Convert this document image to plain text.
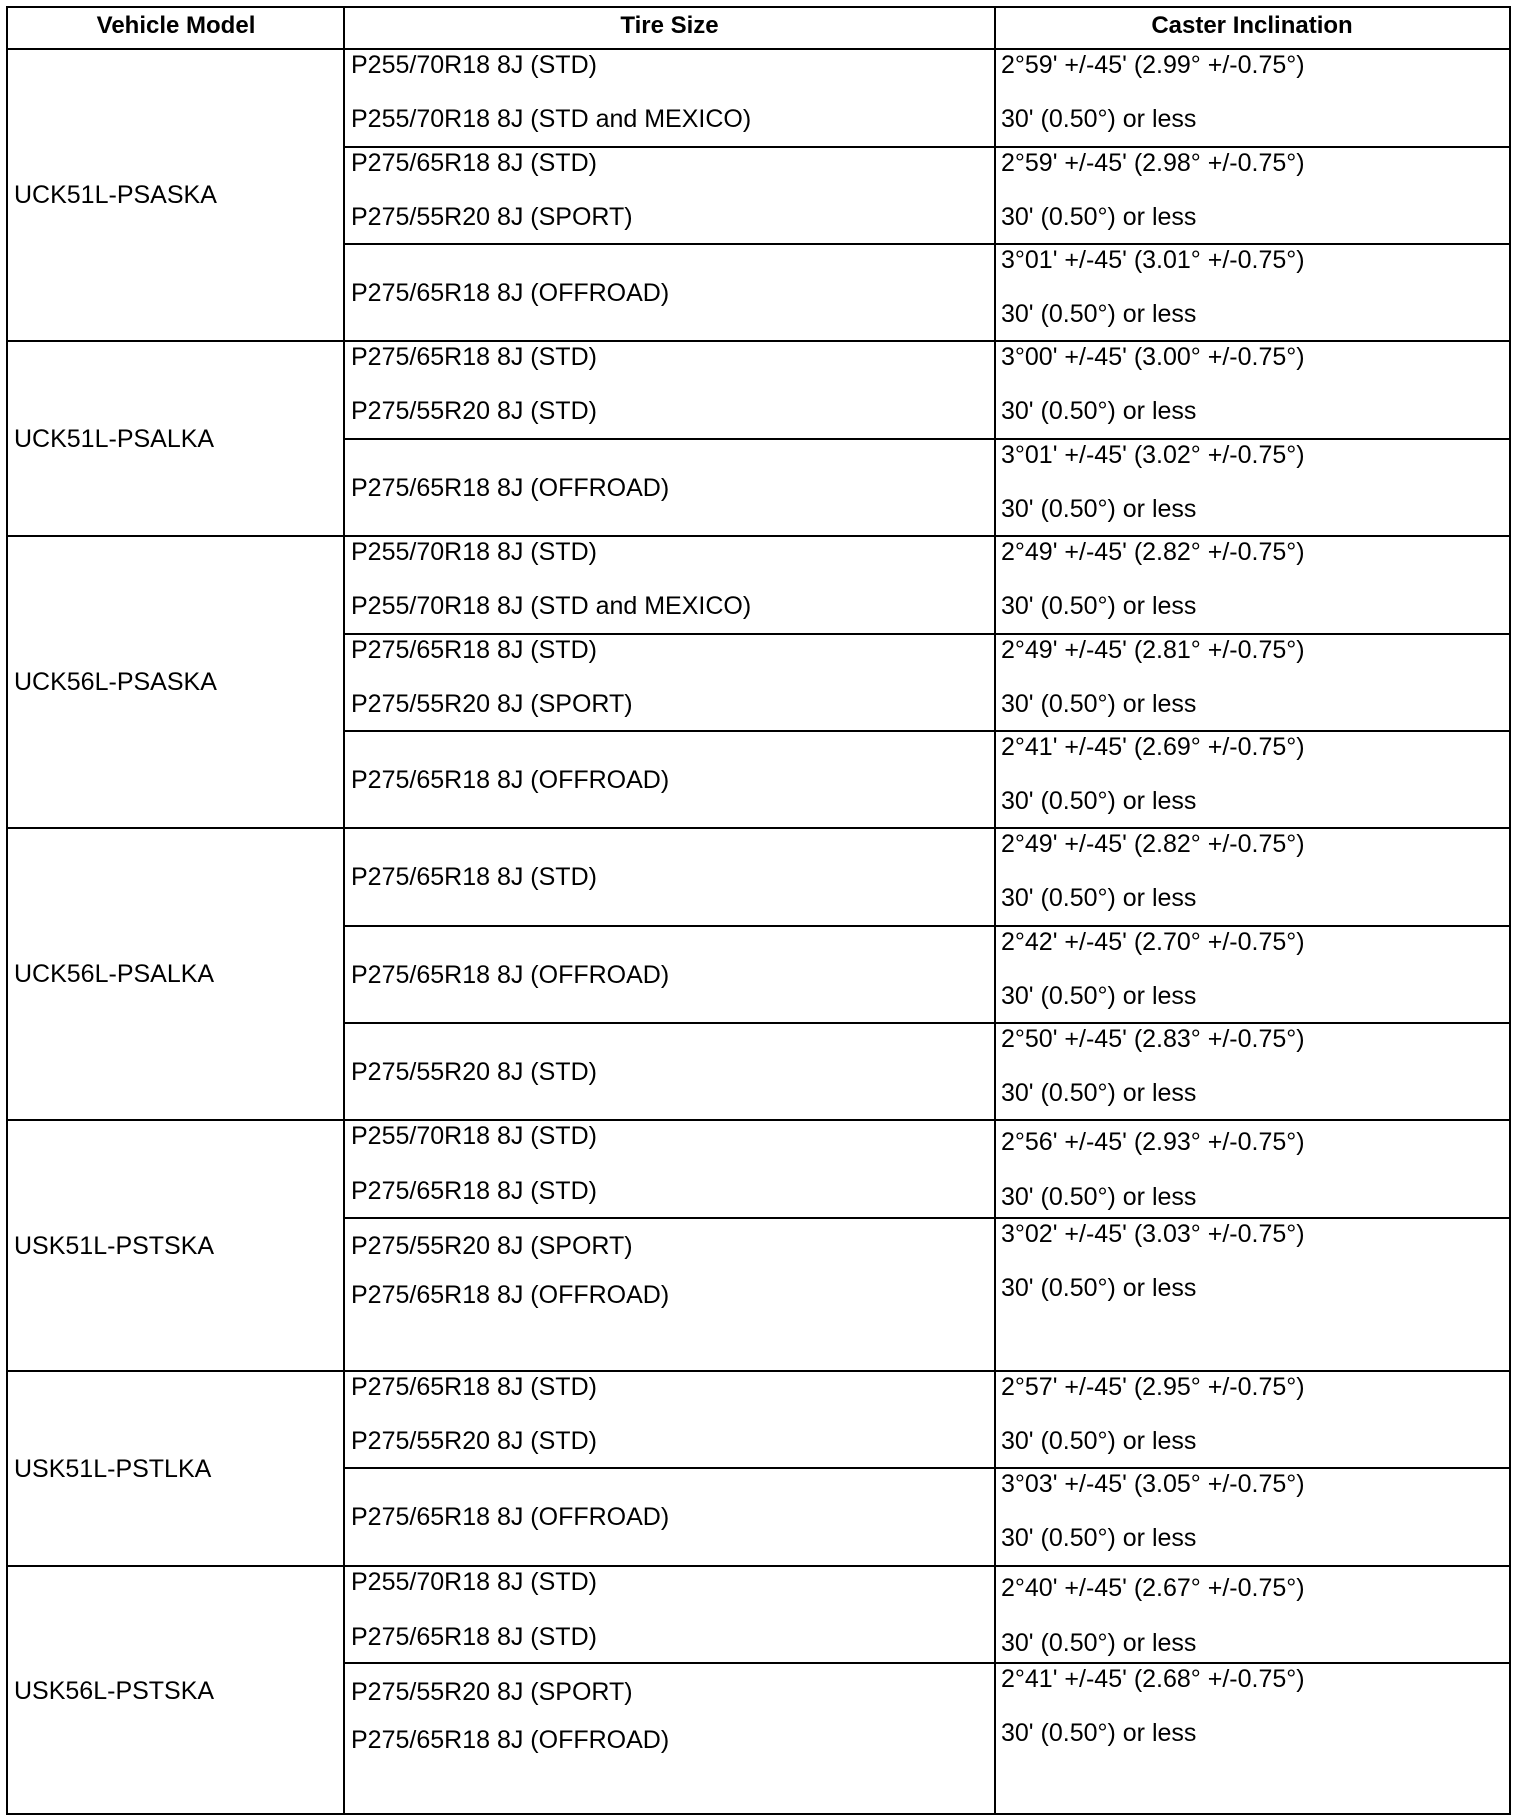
Vehicle Model	Tire Size	Caster Inclination
P255/70R18 8J (STD)
P255/70R18 8J (STD and MEXICO)
2°59' +/-45' (2.99° +/-0.75°)
30' (0.50°) or less
P275/65R18 8J (STD)
P275/55R20 8J (SPORT)
2°59' +/-45' (2.98° +/-0.75°)
30' (0.50°) or less
P275/65R18 8J (OFFROAD)
3°01' +/-45' (3.01° +/-0.75°)
30' (0.50°) or less
UCK51L-PSASKA
P275/65R18 8J (STD)
P275/55R20 8J (STD)
3°00' +/-45' (3.00° +/-0.75°)
30' (0.50°) or less
P275/65R18 8J (OFFROAD)
3°01' +/-45' (3.02° +/-0.75°)
30' (0.50°) or less
UCK51L-PSALKA
P255/70R18 8J (STD)
P255/70R18 8J (STD and MEXICO)
2°49' +/-45' (2.82° +/-0.75°)
30' (0.50°) or less
P275/65R18 8J (STD)
P275/55R20 8J (SPORT)
2°49' +/-45' (2.81° +/-0.75°)
30' (0.50°) or less
P275/65R18 8J (OFFROAD)
2°41' +/-45' (2.69° +/-0.75°)
30' (0.50°) or less
UCK56L-PSASKA
P275/65R18 8J (STD)
2°49' +/-45' (2.82° +/-0.75°)
30' (0.50°) or less
P275/65R18 8J (OFFROAD)
2°42' +/-45' (2.70° +/-0.75°)
30' (0.50°) or less
P275/55R20 8J (STD)
2°50' +/-45' (2.83° +/-0.75°)
30' (0.50°) or less
UCK56L-PSALKA
P255/70R18 8J (STD)
P275/65R18 8J (STD)
P275/55R20 8J (SPORT)
2°56' +/-45' (2.93° +/-0.75°)
30' (0.50°) or less
P275/65R18 8J (OFFROAD)
3°02' +/-45' (3.03° +/-0.75°)
30' (0.50°) or less
USK51L-PSTSKA
P275/65R18 8J (STD)
P275/55R20 8J (STD)
2°57' +/-45' (2.95° +/-0.75°)
30' (0.50°) or less
P275/65R18 8J (OFFROAD)
3°03' +/-45' (3.05° +/-0.75°)
30' (0.50°) or less
USK51L-PSTLKA
P255/70R18 8J (STD)
P275/65R18 8J (STD)
P275/55R20 8J (SPORT)
2°40' +/-45' (2.67° +/-0.75°)
30' (0.50°) or less
P275/65R18 8J (OFFROAD)
2°41' +/-45' (2.68° +/-0.75°)
30' (0.50°) or less
USK56L-PSTSKA
